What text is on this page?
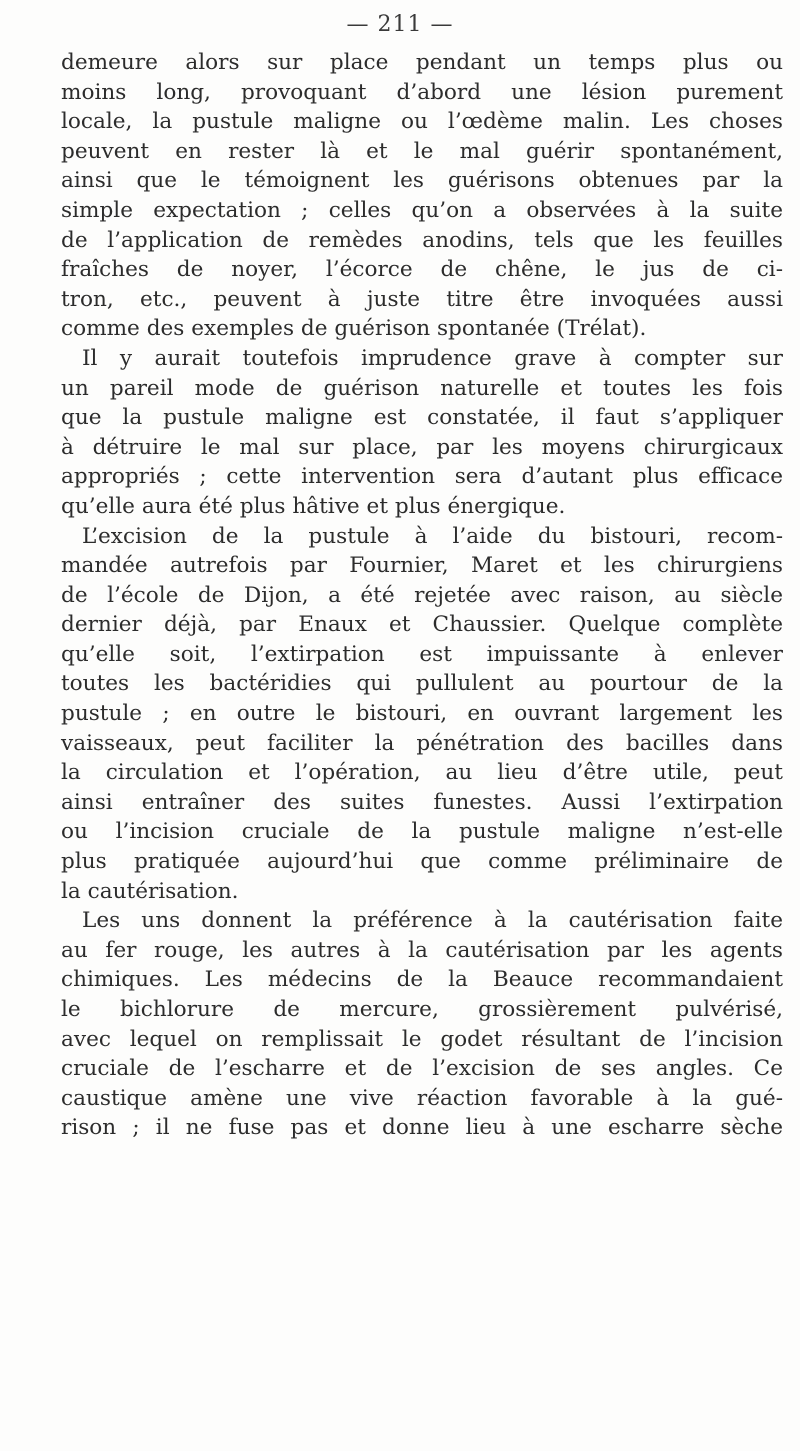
— 211 —
demeure alors sur place pendant un temps plus ou
moins long, provoquant d’abord une lésion purement
locale, la pustule maligne ou l’œdème malin. Les choses
peuvent en rester là et le mal guérir spontanément,
ainsi que le témoignent les guérisons obtenues par la
simple expectation ; celles qu’on a observées à la suite
de l’application de remèdes anodins, tels que les feuilles
fraîches de noyer, l’écorce de chêne, le jus de ci-
tron, etc., peuvent à juste titre être invoquées aussi
comme des exemples de guérison spontanée (Trélat).
Il y aurait toutefois imprudence grave à compter sur
un pareil mode de guérison naturelle et toutes les fois
que la pustule maligne est constatée, il faut s’appliquer
à détruire le mal sur place, par les moyens chirurgicaux
appropriés ; cette intervention sera d’autant plus efficace
qu’elle aura été plus hâtive et plus énergique.
L’excision de la pustule à l’aide du bistouri, recom-
mandée autrefois par Fournier, Maret et les chirurgiens
de l’école de Dijon, a été rejetée avec raison, au siècle
dernier déjà, par Enaux et Chaussier. Quelque complète
qu’elle soit, l’extirpation est impuissante à enlever
toutes les bactéridies qui pullulent au pourtour de la
pustule ; en outre le bistouri, en ouvrant largement les
vaisseaux, peut faciliter la pénétration des bacilles dans
la circulation et l’opération, au lieu d’être utile, peut
ainsi entraîner des suites funestes. Aussi l’extirpation
ou l’incision cruciale de la pustule maligne n’est-elle
plus pratiquée aujourd’hui que comme préliminaire de
la cautérisation.
Les uns donnent la préférence à la cautérisation faite
au fer rouge, les autres à la cautérisation par les agents
chimiques. Les médecins de la Beauce recommandaient
le bichlorure de mercure, grossièrement pulvérisé,
avec lequel on remplissait le godet résultant de l’incision
cruciale de l’escharre et de l’excision de ses angles. Ce
caustique amène une vive réaction favorable à la gué-
rison ; il ne fuse pas et donne lieu à une escharre sèche
